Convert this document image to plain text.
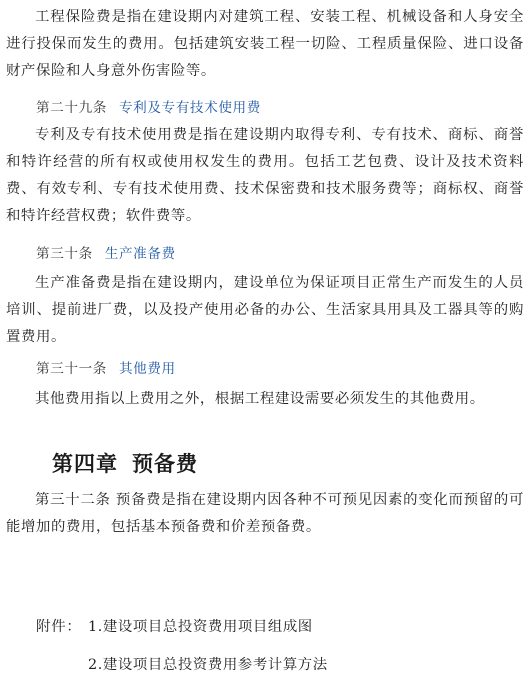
工程保险费是指在建设期内对建筑工程、安装工程、机械设备和人身安全进行投保而发生的费用。包括建筑安装工程一切险、工程质量保险、进口设备财产保险和人身意外伤害险等。

第二十九条 专利及专有技术使用费

专利及专有技术使用费是指在建设期内取得专利、专有技术、商标、商誉和特许经营的所有权或使用权发生的费用。包括工艺包费、设计及技术资料费、有效专利、专有技术使用费、技术保密费和技术服务费等；商标权、商誉和特许经营权费；软件费等。

第三十条 生产准备费

生产准备费是指在建设期内，建设单位为保证项目正常生产而发生的人员培训、提前进厂费，以及投产使用必备的办公、生活家具用具及工器具等的购置费用。

第三十一条 其他费用

其他费用指以上费用之外，根据工程建设需要必须发生的其他费用。

第四章 预备费

第三十二条 预备费是指在建设期内因各种不可预见因素的变化而预留的可能增加的费用，包括基本预备费和价差预备费。

附件： 1.建设项目总投资费用项目组成图
2.建设项目总投资费用参考计算方法
